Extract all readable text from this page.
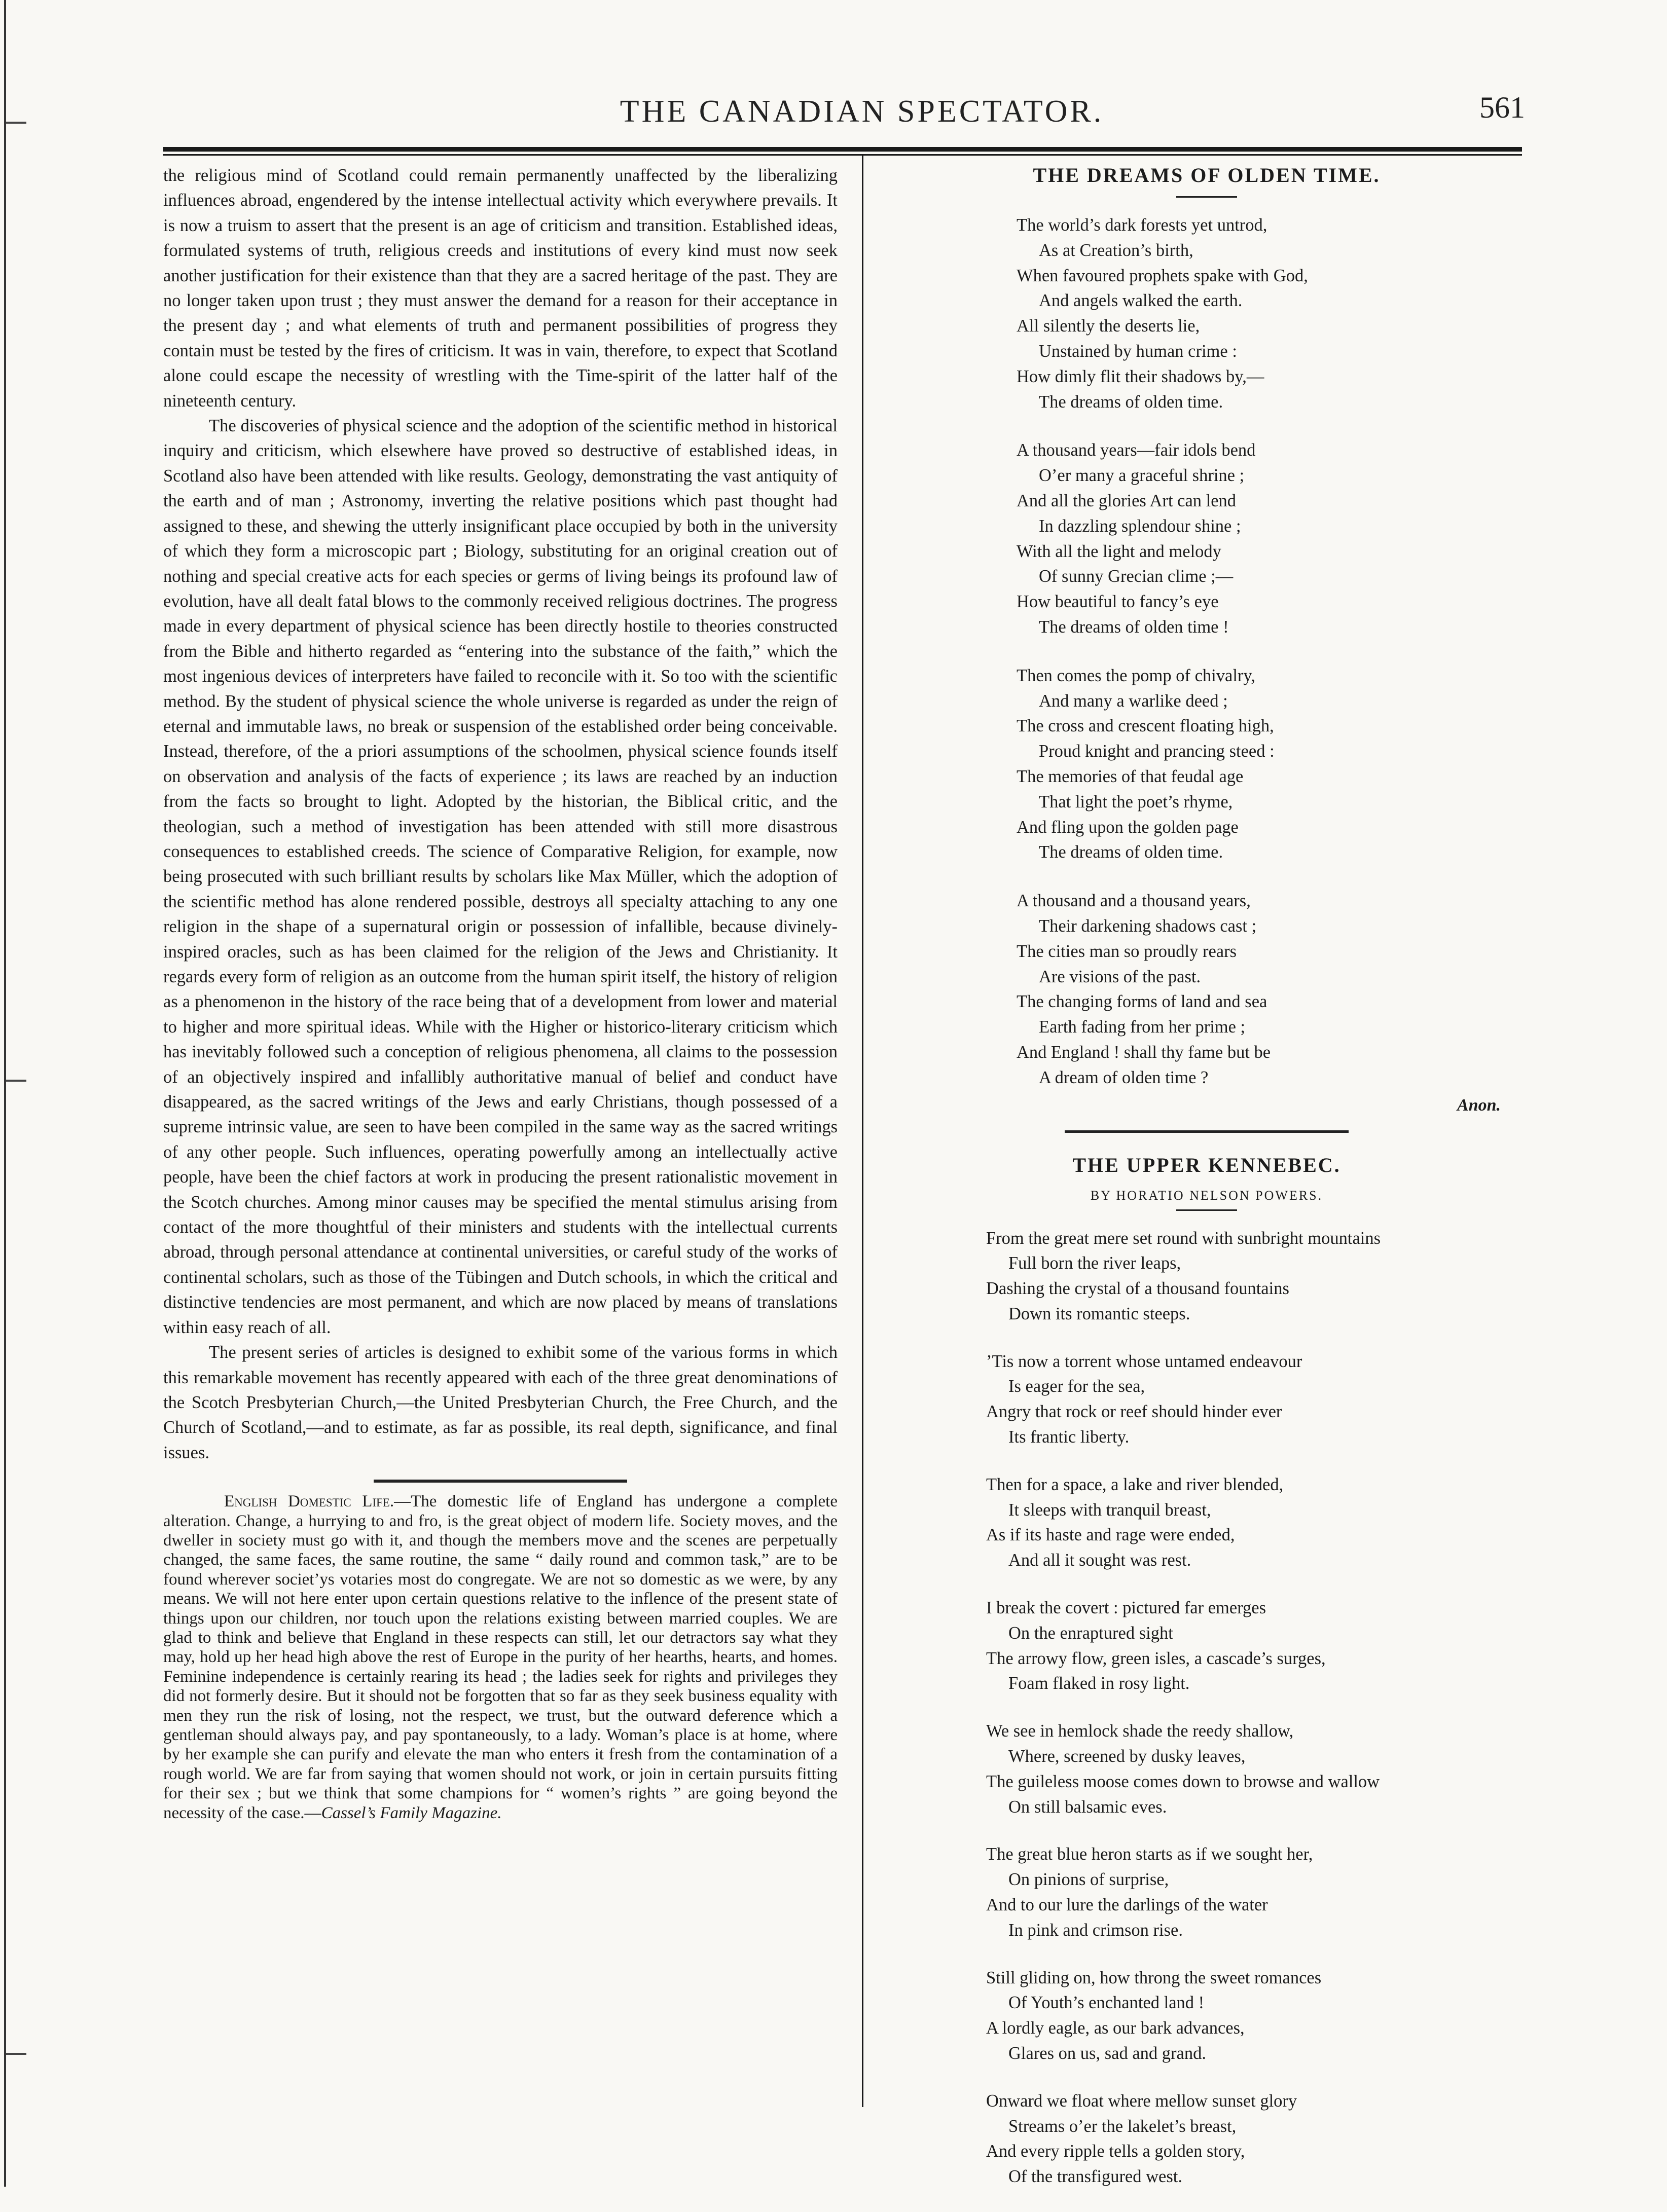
THE CANADIAN SPECTATOR.	561

the religious mind of Scotland could remain permanently unaffected by the liberalizing influences abroad, engendered by the intense intellectual activity which everywhere prevails. It is now a truism to assert that the present is an age of criticism and transition. Established ideas, formulated systems of truth, religious creeds and institutions of every kind must now seek another justification for their existence than that they are a sacred heritage of the past. They are no longer taken upon trust ; they must answer the demand for a reason for their acceptance in the present day ; and what elements of truth and permanent possibilities of progress they contain must be tested by the fires of criticism. It was in vain, therefore, to expect that Scotland alone could escape the necessity of wrestling with the Time-spirit of the latter half of the nineteenth century.

The discoveries of physical science and the adoption of the scientific method in historical inquiry and criticism, which elsewhere have proved so destructive of established ideas, in Scotland also have been attended with like results. Geology, demonstrating the vast antiquity of the earth and of man ; Astronomy, inverting the relative positions which past thought had assigned to these, and shewing the utterly insignificant place occupied by both in the university of which they form a microscopic part ; Biology, substituting for an original creation out of nothing and special creative acts for each species or germs of living beings its profound law of evolution, have all dealt fatal blows to the commonly received religious doctrines. The progress made in every department of physical science has been directly hostile to theories constructed from the Bible and hitherto regarded as “entering into the substance of the faith,” which the most ingenious devices of interpreters have failed to reconcile with it. So too with the scientific method. By the student of physical science the whole universe is regarded as under the reign of eternal and immutable laws, no break or suspension of the established order being conceivable. Instead, therefore, of the a priori assumptions of the schoolmen, physical science founds itself on observation and analysis of the facts of experience ; its laws are reached by an induction from the facts so brought to light. Adopted by the historian, the Biblical critic, and the theologian, such a method of investigation has been attended with still more disastrous consequences to established creeds. The science of Comparative Religion, for example, now being prosecuted with such brilliant results by scholars like Max Müller, which the adoption of the scientific method has alone rendered possible, destroys all specialty attaching to any one religion in the shape of a supernatural origin or possession of infallible, because divinely-inspired oracles, such as has been claimed for the religion of the Jews and Christianity. It regards every form of religion as an outcome from the human spirit itself, the history of religion as a phenomenon in the history of the race being that of a development from lower and material to higher and more spiritual ideas. While with the Higher or historico-literary criticism which has inevitably followed such a conception of religious phenomena, all claims to the possession of an objectively inspired and infallibly authoritative manual of belief and conduct have disappeared, as the sacred writings of the Jews and early Christians, though possessed of a supreme intrinsic value, are seen to have been compiled in the same way as the sacred writings of any other people. Such influences, operating powerfully among an intellectually active people, have been the chief factors at work in producing the present rationalistic movement in the Scotch churches. Among minor causes may be specified the mental stimulus arising from contact of the more thoughtful of their ministers and students with the intellectual currents abroad, through personal attendance at continental universities, or careful study of the works of continental scholars, such as those of the Tübingen and Dutch schools, in which the critical and distinctive tendencies are most permanent, and which are now placed by means of translations within easy reach of all.

The present series of articles is designed to exhibit some of the various forms in which this remarkable movement has recently appeared with each of the three great denominations of the Scotch Presbyterian Church,—the United Presbyterian Church, the Free Church, and the Church of Scotland,—and to estimate, as far as possible, its real depth, significance, and final issues.

English Domestic Life.—The domestic life of England has undergone a complete alteration. Change, a hurrying to and fro, is the great object of modern life. Society moves, and the dweller in society must go with it, and though the members move and the scenes are perpetually changed, the same faces, the same routine, the same “ daily round and common task,” are to be found wherever societ’ys votaries most do congregate. We are not so domestic as we were, by any means. We will not here enter upon certain questions relative to the inflence of the present state of things upon our children, nor touch upon the relations existing between married couples. We are glad to think and believe that England in these respects can still, let our detractors say what they may, hold up her head high above the rest of Europe in the purity of her hearths, hearts, and homes. Feminine independence is certainly rearing its head ; the ladies seek for rights and privileges they did not formerly desire. But it should not be forgotten that so far as they seek business equality with men they run the risk of losing, not the respect, we trust, but the outward deference which a gentleman should always pay, and pay spontaneously, to a lady. Woman’s place is at home, where by her example she can purify and elevate the man who enters it fresh from the contamination of a rough world. We are far from saying that women should not work, or join in certain pursuits fitting for their sex ; but we think that some champions for “ women’s rights ” are going beyond the necessity of the case.—Cassel’s Family Magazine.

THE DREAMS OF OLDEN TIME.

The world’s dark forests yet untrod,
As at Creation’s birth,
When favoured prophets spake with God,
And angels walked the earth.
All silently the deserts lie,
Unstained by human crime :
How dimly flit their shadows by,—
The dreams of olden time.
A thousand years—fair idols bend
O’er many a graceful shrine ;
And all the glories Art can lend
In dazzling splendour shine ;
With all the light and melody
Of sunny Grecian clime ;—
How beautiful to fancy’s eye
The dreams of olden time !
Then comes the pomp of chivalry,
And many a warlike deed ;
The cross and crescent floating high,
Proud knight and prancing steed :
The memories of that feudal age
That light the poet’s rhyme,
And fling upon the golden page
The dreams of olden time.
A thousand and a thousand years,
Their darkening shadows cast ;
The cities man so proudly rears
Are visions of the past.
The changing forms of land and sea
Earth fading from her prime ;
And England ! shall thy fame but be
A dream of olden time ?

Anon.

THE UPPER KENNEBEC.

BY HORATIO NELSON POWERS.

From the great mere set round with sunbright mountains
Full born the river leaps,
Dashing the crystal of a thousand fountains
Down its romantic steeps.
’Tis now a torrent whose untamed endeavour
Is eager for the sea,
Angry that rock or reef should hinder ever
Its frantic liberty.
Then for a space, a lake and river blended,
It sleeps with tranquil breast,
As if its haste and rage were ended,
And all it sought was rest.
I break the covert : pictured far emerges
On the enraptured sight
The arrowy flow, green isles, a cascade’s surges,
Foam flaked in rosy light.
We see in hemlock shade the reedy shallow,
Where, screened by dusky leaves,
The guileless moose comes down to browse and wallow
On still balsamic eves.
The great blue heron starts as if we sought her,
On pinions of surprise,
And to our lure the darlings of the water
In pink and crimson rise.
Still gliding on, how throng the sweet romances
Of Youth’s enchanted land !
A lordly eagle, as our bark advances,
Glares on us, sad and grand.
Onward we float where mellow sunset glory
Streams o’er the lakelet’s breast,
And every ripple tells a golden story,
Of the transfigured west.
